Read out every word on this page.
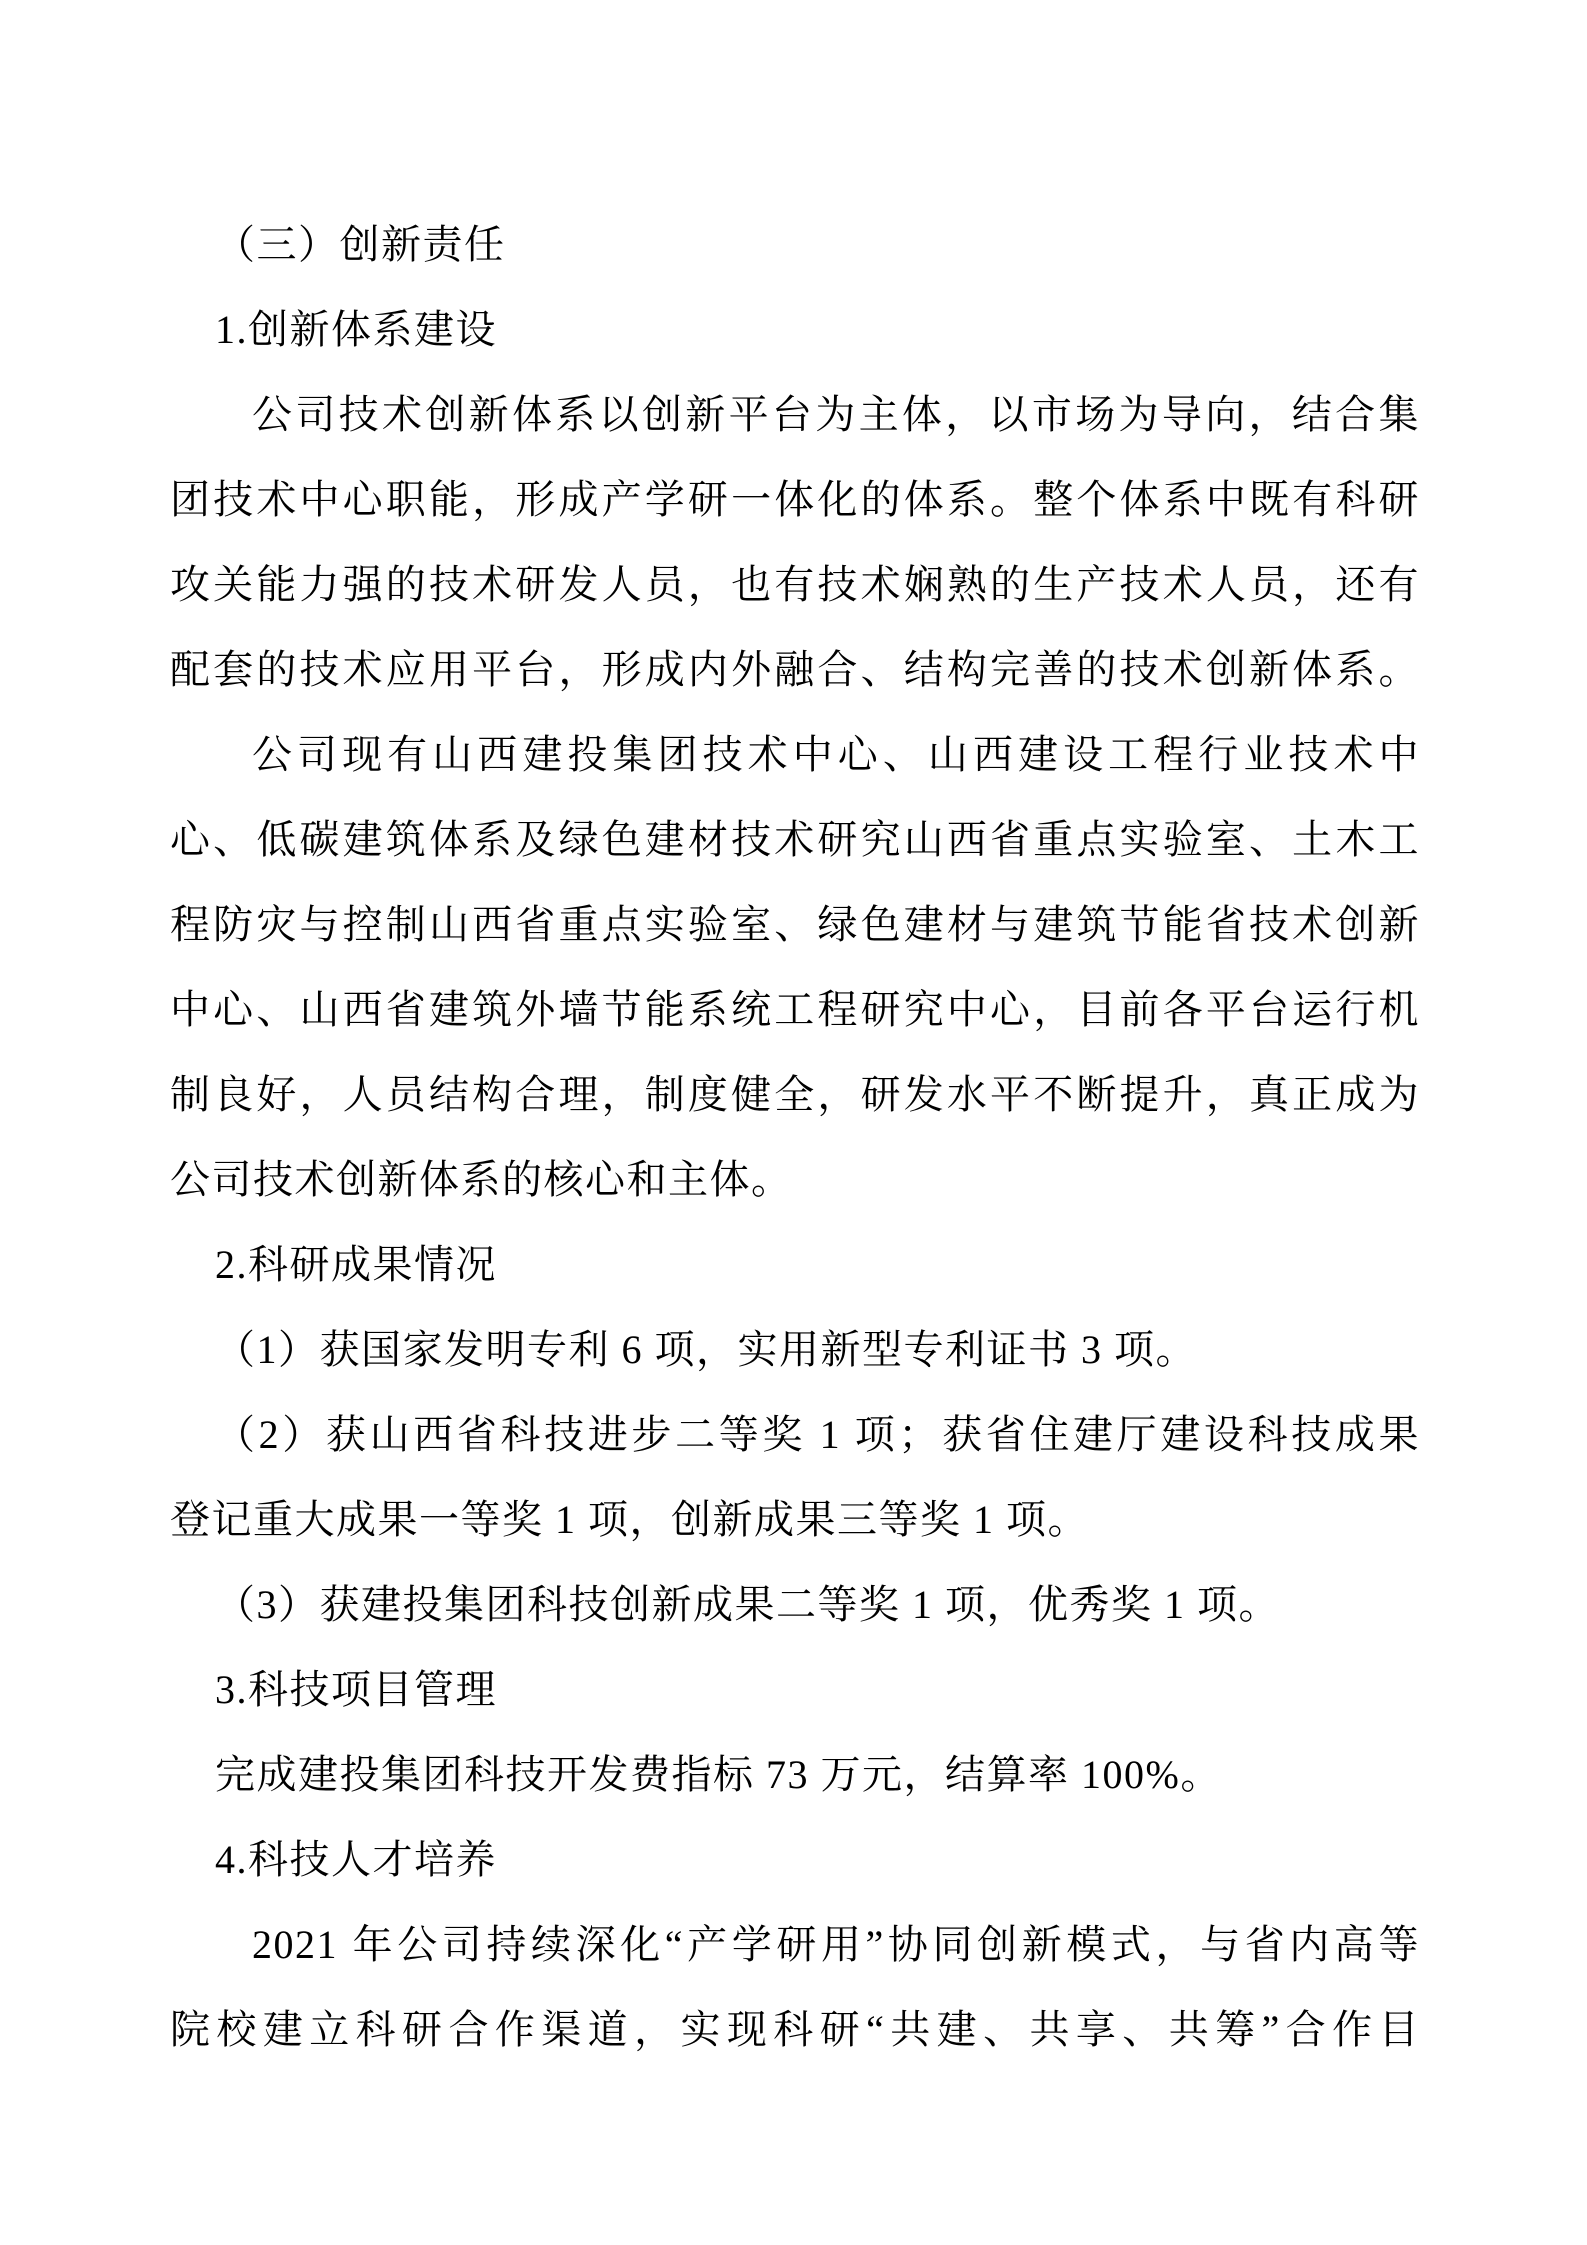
（三）创新责任
1.创新体系建设
公司技术创新体系以创新平台为主体，以市场为导向，结合集
团技术中心职能，形成产学研一体化的体系。整个体系中既有科研
攻关能力强的技术研发人员，也有技术娴熟的生产技术人员，还有
配套的技术应用平台，形成内外融合、结构完善的技术创新体系。
公司现有山西建投集团技术中心、山西建设工程行业技术中
心、低碳建筑体系及绿色建材技术研究山西省重点实验室、土木工
程防灾与控制山西省重点实验室、绿色建材与建筑节能省技术创新
中心、山西省建筑外墙节能系统工程研究中心，目前各平台运行机
制良好，人员结构合理，制度健全，研发水平不断提升，真正成为
公司技术创新体系的核心和主体。
2.科研成果情况
（1）获国家发明专利 6 项，实用新型专利证书 3 项。
（2）获山西省科技进步二等奖 1 项；获省住建厅建设科技成果
登记重大成果一等奖 1 项，创新成果三等奖 1 项。
（3）获建投集团科技创新成果二等奖 1 项，优秀奖 1 项。
3.科技项目管理
完成建投集团科技开发费指标 73 万元，结算率 100%。
4.科技人才培养
2021 年公司持续深化“产学研用”协同创新模式，与省内高等
院校建立科研合作渠道，实现科研“共建、共享、共筹”合作目
